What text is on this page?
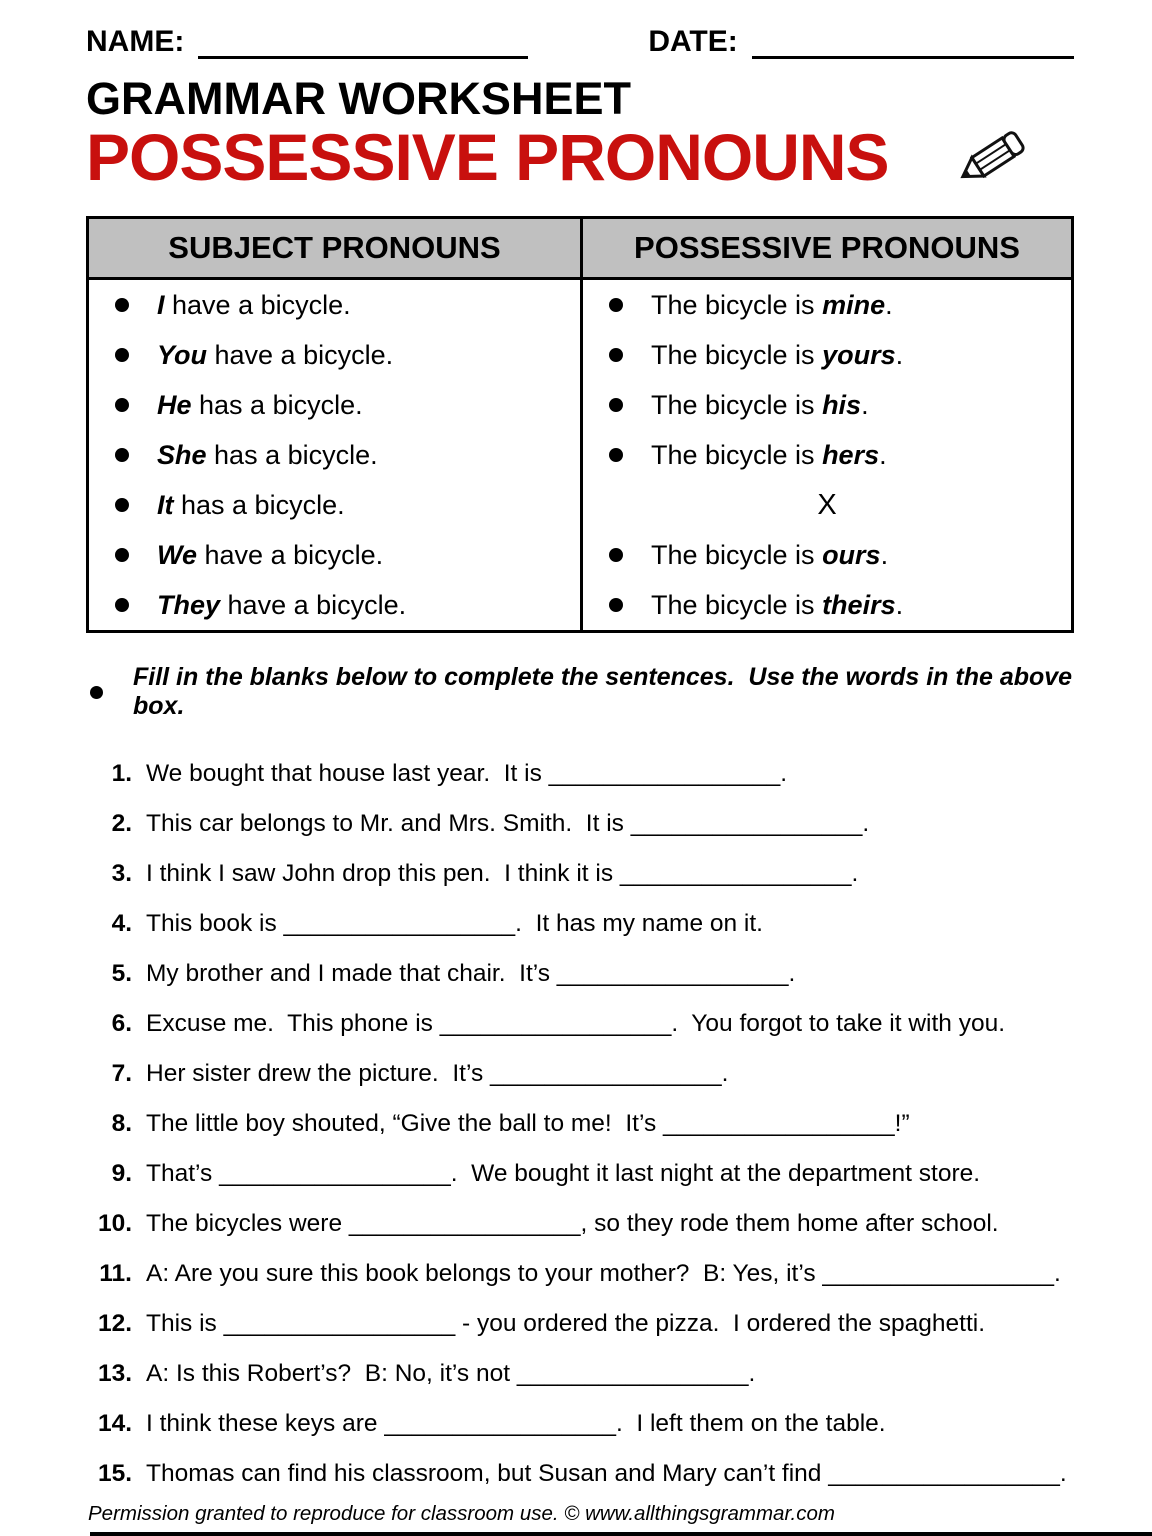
NAME:	DATE:
GRAMMAR WORKSHEET
POSSESSIVE PRONOUNS
SUBJECT PRONOUNS	POSSESSIVE PRONOUNS
I have a bicycle.	The bicycle is mine.
You have a bicycle.	The bicycle is yours.
He has a bicycle.	The bicycle is his.
She has a bicycle.	The bicycle is hers.
It has a bicycle.	X
We have a bicycle.	The bicycle is ours.
They have a bicycle.	The bicycle is theirs.
Fill in the blanks below to complete the sentences.  Use the words in the above box.
1. We bought that house last year.  It is _________________.
2. This car belongs to Mr. and Mrs. Smith.  It is _________________.
3. I think I saw John drop this pen.  I think it is _________________.
4. This book is _________________.  It has my name on it.
5. My brother and I made that chair.  It’s _________________.
6. Excuse me.  This phone is _________________.  You forgot to take it with you.
7. Her sister drew the picture.  It’s _________________.
8. The little boy shouted, “Give the ball to me!  It’s _________________!”
9. That’s _________________.  We bought it last night at the department store.
10. The bicycles were _________________, so they rode them home after school.
11. A: Are you sure this book belongs to your mother?  B: Yes, it’s _________________.
12. This is _________________ - you ordered the pizza.  I ordered the spaghetti.
13. A: Is this Robert’s?  B: No, it’s not _________________.
14. I think these keys are _________________.  I left them on the table.
15. Thomas can find his classroom, but Susan and Mary can’t find _________________.
Permission granted to reproduce for classroom use. © www.allthingsgrammar.com
